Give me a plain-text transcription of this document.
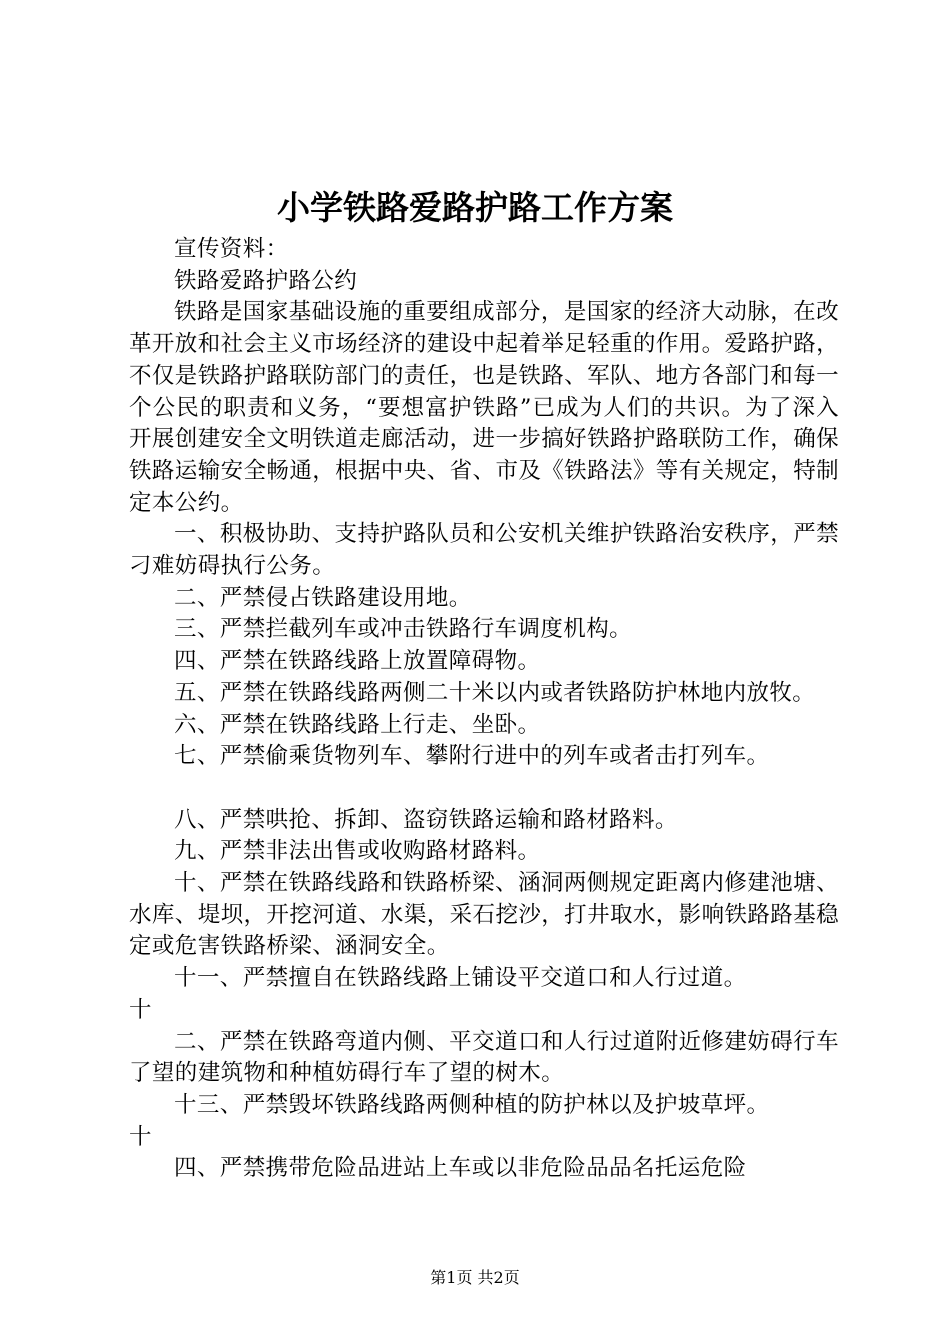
小学铁路爱路护路工作方案

宣传资料：

铁路爱路护路公约

铁路是国家基础设施的重要组成部分，是国家的经济大动脉，在改革开放和社会主义市场经济的建设中起着举足轻重的作用。爱路护路，不仅是铁路护路联防部门的责任，也是铁路、军队、地方各部门和每一个公民的职责和义务，“要想富护铁路”已成为人们的共识。为了深入开展创建安全文明铁道走廊活动，进一步搞好铁路护路联防工作，确保铁路运输安全畅通，根据中央、省、市及《铁路法》等有关规定，特制定本公约。

一、积极协助、支持护路队员和公安机关维护铁路治安秩序，严禁刁难妨碍执行公务。

二、严禁侵占铁路建设用地。

三、严禁拦截列车或冲击铁路行车调度机构。

四、严禁在铁路线路上放置障碍物。

五、严禁在铁路线路两侧二十米以内或者铁路防护林地内放牧。

六、严禁在铁路线路上行走、坐卧。

七、严禁偷乘货物列车、攀附行进中的列车或者击打列车。

八、严禁哄抢、拆卸、盗窃铁路运输和路材路料。

九、严禁非法出售或收购路材路料。

十、严禁在铁路线路和铁路桥梁、涵洞两侧规定距离内修建池塘、水库、堤坝，开挖河道、水渠，采石挖沙，打井取水，影响铁路路基稳定或危害铁路桥梁、涵洞安全。

十一、严禁擅自在铁路线路上铺设平交道口和人行过道。

十

二、严禁在铁路弯道内侧、平交道口和人行过道附近修建妨碍行车了望的建筑物和种植妨碍行车了望的树木。

十三、严禁毁坏铁路线路两侧种植的防护林以及护坡草坪。

十

四、严禁携带危险品进站上车或以非危险品品名托运危险

第1页 共2页
